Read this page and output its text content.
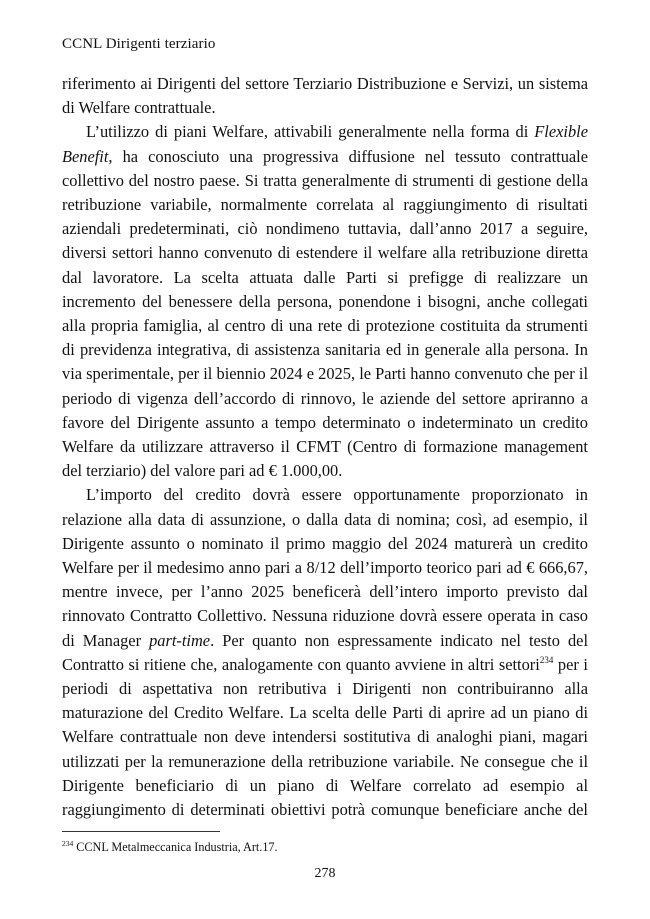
CCNL Dirigenti terziario

riferimento ai Dirigenti del settore Terziario Distribuzione e Servizi, un sistema di Welfare contrattuale.

L’utilizzo di piani Welfare, attivabili generalmente nella forma di Flexible Benefit, ha conosciuto una progressiva diffusione nel tessuto contrattuale collettivo del nostro paese. Si tratta generalmente di strumenti di gestione della retribuzione variabile, normalmente correlata al raggiungimento di risultati aziendali predeterminati, ciò nondimeno tuttavia, dall’anno 2017 a seguire, diversi settori hanno convenuto di estendere il welfare alla retribuzione diretta dal lavoratore. La scelta attuata dalle Parti si prefigge di realizzare un incremento del benessere della persona, ponendone i bisogni, anche collegati alla propria famiglia, al centro di una rete di protezione costituita da strumenti di previdenza integrativa, di assistenza sanitaria ed in generale alla persona. In via sperimentale, per il biennio 2024 e 2025, le Parti hanno convenuto che per il periodo di vigenza dell’accordo di rinnovo, le aziende del settore apriranno a favore del Dirigente assunto a tempo determinato o indeterminato un credito Welfare da utilizzare attraverso il CFMT (Centro di formazione management del terziario) del valore pari ad € 1.000,00.

L’importo del credito dovrà essere opportunamente proporzionato in relazione alla data di assunzione, o dalla data di nomina; così, ad esempio, il Dirigente assunto o nominato il primo maggio del 2024 maturerà un credito Welfare per il medesimo anno pari a 8/12 dell’importo teorico pari ad € 666,67, mentre invece, per l’anno 2025 beneficerà dell’intero importo previsto dal rinnovato Contratto Collettivo. Nessuna riduzione dovrà essere operata in caso di Manager part-time. Per quanto non espressamente indicato nel testo del Contratto si ritiene che, analogamente con quanto avviene in altri settori$^{234}$ per i periodi di aspettativa non retributiva i Dirigenti non contribuiranno alla maturazione del Credito Welfare. La scelta delle Parti di aprire ad un piano di Welfare contrattuale non deve intendersi sostitutiva di analoghi piani, magari utilizzati per la remunerazione della retribuzione variabile. Ne consegue che il Dirigente beneficiario di un piano di Welfare correlato ad esempio al raggiungimento di determinati obiettivi potrà comunque beneficiare anche del

$^{234}$ CCNL Metalmeccanica Industria, Art.17.
278
